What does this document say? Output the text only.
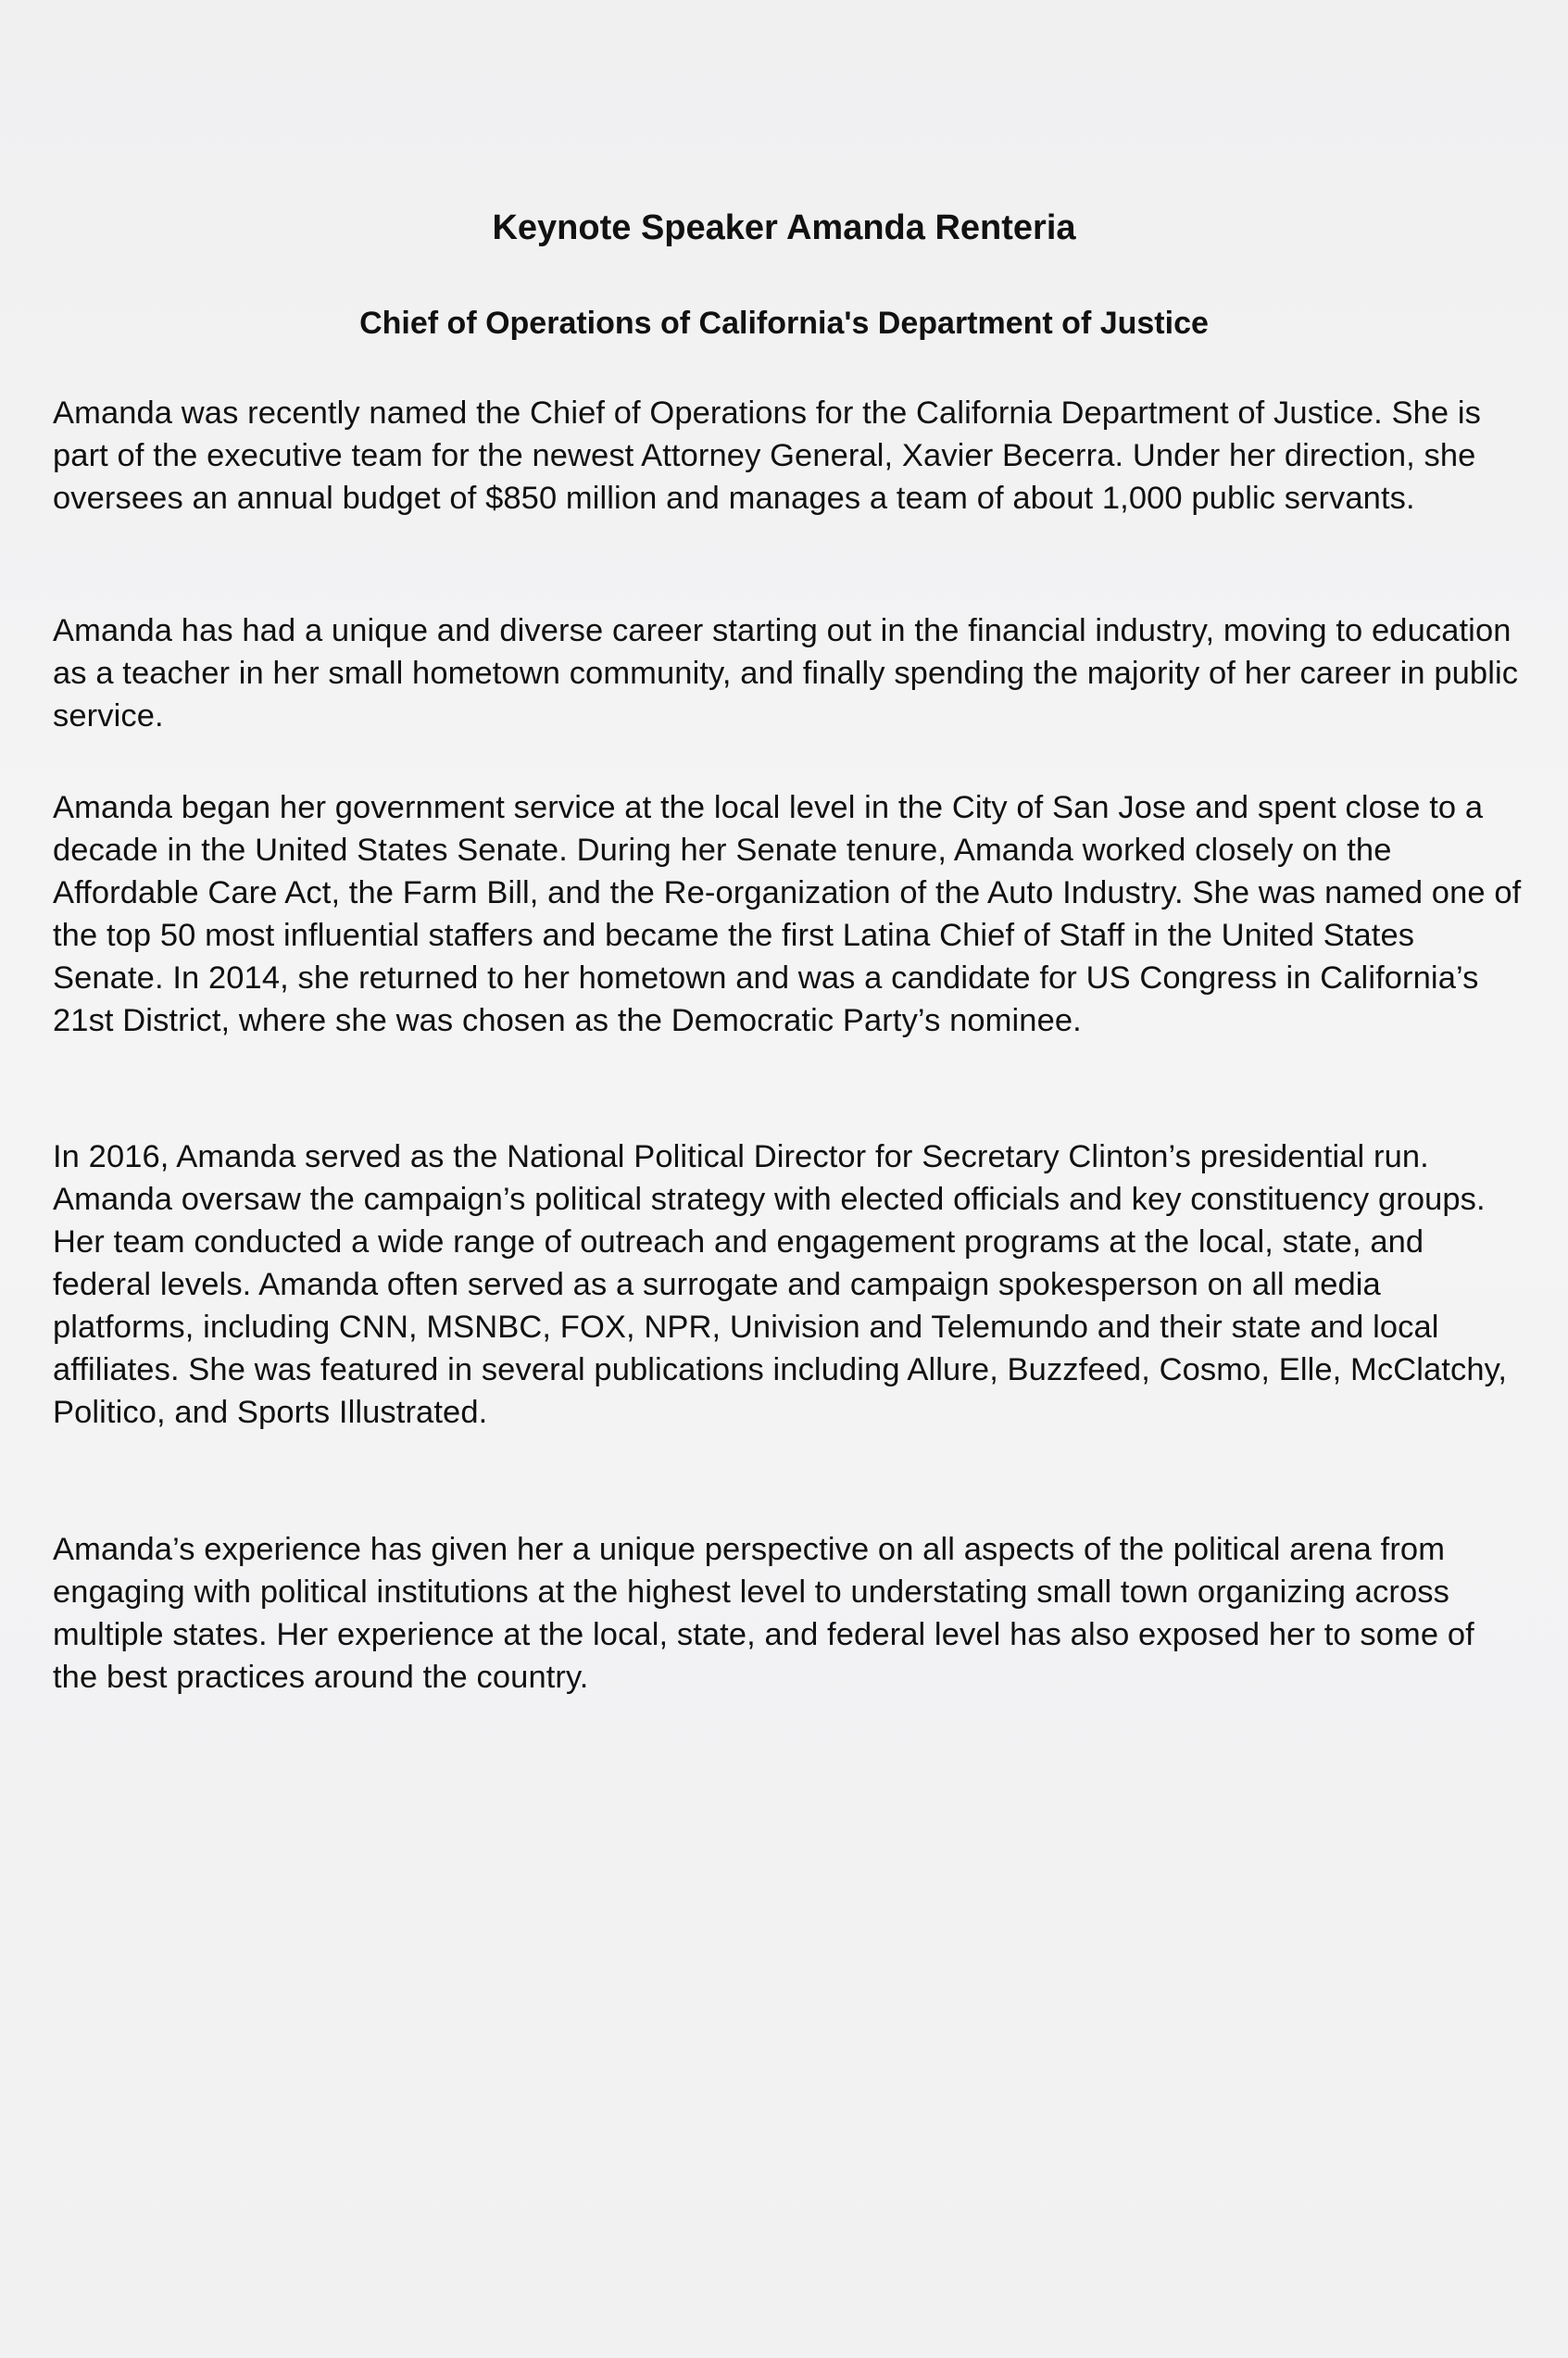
Keynote Speaker Amanda Renteria
Chief of Operations of California's Department of Justice

Amanda was recently named the Chief of Operations for the California Department of Justice. She is part of the executive team for the newest Attorney General, Xavier Becerra. Under her direction, she oversees an annual budget of $850 million and manages a team of about 1,000 public servants.

Amanda has had a unique and diverse career starting out in the financial industry, moving to education as a teacher in her small hometown community, and finally spending the majority of her career in public service.

Amanda began her government service at the local level in the City of San Jose and spent close to a decade in the United States Senate. During her Senate tenure, Amanda worked closely on the Affordable Care Act, the Farm Bill, and the Re-organization of the Auto Industry. She was named one of the top 50 most influential staffers and became the first Latina Chief of Staff in the United States Senate. In 2014, she returned to her hometown and was a candidate for US Congress in California’s 21st District, where she was chosen as the Democratic Party’s nominee.

In 2016, Amanda served as the National Political Director for Secretary Clinton’s presidential run. Amanda oversaw the campaign’s political strategy with elected officials and key constituency groups. Her team conducted a wide range of outreach and engagement programs at the local, state, and federal levels. Amanda often served as a surrogate and campaign spokesperson on all media platforms, including CNN, MSNBC, FOX, NPR, Univision and Telemundo and their state and local affiliates. She was featured in several publications including Allure, Buzzfeed, Cosmo, Elle, McClatchy, Politico, and Sports Illustrated.

Amanda’s experience has given her a unique perspective on all aspects of the political arena from engaging with political institutions at the highest level to understating small town organizing across multiple states. Her experience at the local, state, and federal level has also exposed her to some of the best practices around the country.
